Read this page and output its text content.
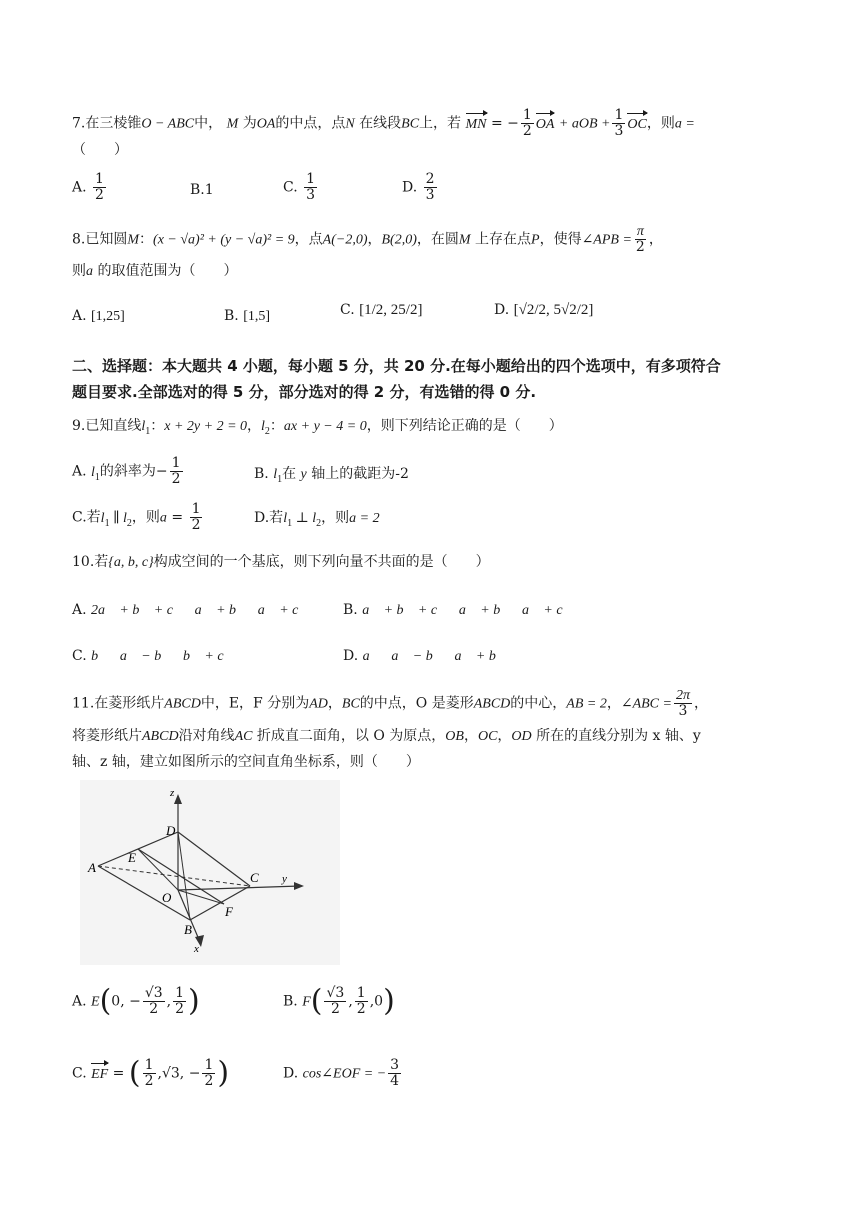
7.在三棱锥O − ABC中， M 为OA的中点，点N 在线段BC上，若 MN = − $\frac{1}{2}$ OA + aOB + $\frac{1}{3}$ OC，则a =
（　　）
A. $\frac{1}{2}$	B.1	C. $\frac{1}{3}$	D. $\frac{2}{3}$
8.已知圆M：(x − √a)² + (y − √a)² = 9，点A(−2,0)，B(2,0)，在圆M 上存在点P，使得∠APB = $\frac{\pi}{2}$ ，
则a 的取值范围为（　　）
A. [1,25]	B. [1,5]	C. [1/2, 25/2]	D. [√2/2, 5√2/2]
二、选择题：本大题共 4 小题，每小题 5 分，共 20 分.在每小题给出的四个选项中，有多项符合
题目要求.全部选对的得 5 分，部分选对的得 2 分，有选错的得 0 分.
9.已知直线$l_1$：x + 2y + 2 = 0，$l_2$：ax + y − 4 = 0，则下列结论正确的是（　　）
A. $l_1$的斜率为− $\frac{1}{2}$	B. $l_1$在 y 轴上的截距为-2
C.若$l_1$ ∥ $l_2$，则$a = \frac{1}{2}$	D.若$l_1$ ⊥ $l_2$，则a = 2
10.若{a, b, c}构成空间的一个基底，则下列向量不共面的是（　　）
A. 2a⃗ + b⃗ + c⃗，a⃗ + b⃗，a⃗ + c⃗ B. a⃗ + b⃗ + c⃗，a⃗ + b⃗，a⃗ + c⃗
C. b⃗，a⃗ − b⃗，b⃗ + c⃗	D. a⃗，a⃗ − b⃗，a⃗ + b⃗
11.在菱形纸片ABCD中，E，F 分别为AD，BC的中点，O 是菱形ABCD的中心，AB = 2，∠ABC = $\frac{2\pi}{3}$ ，
将菱形纸片ABCD沿对角线AC 折成直二面角，以 O 为原点，OB，OC，OD 所在的直线分别为 x 轴、y
轴、z 轴，建立如图所示的空间直角坐标系，则（　　）
z
D
E
A
O
C y
F
B
x
A. E(0, − $\frac{√3}{2}$ , $\frac{1}{2}$ )	B. $F( \frac{√3}{2}$ , $\frac{1}{2} ,0$)
C. EF = ( $\frac{1}{2} ,√3$, − $\frac{1}{2}$ )	D. cos∠EOF = − $\frac{3}{4}$
